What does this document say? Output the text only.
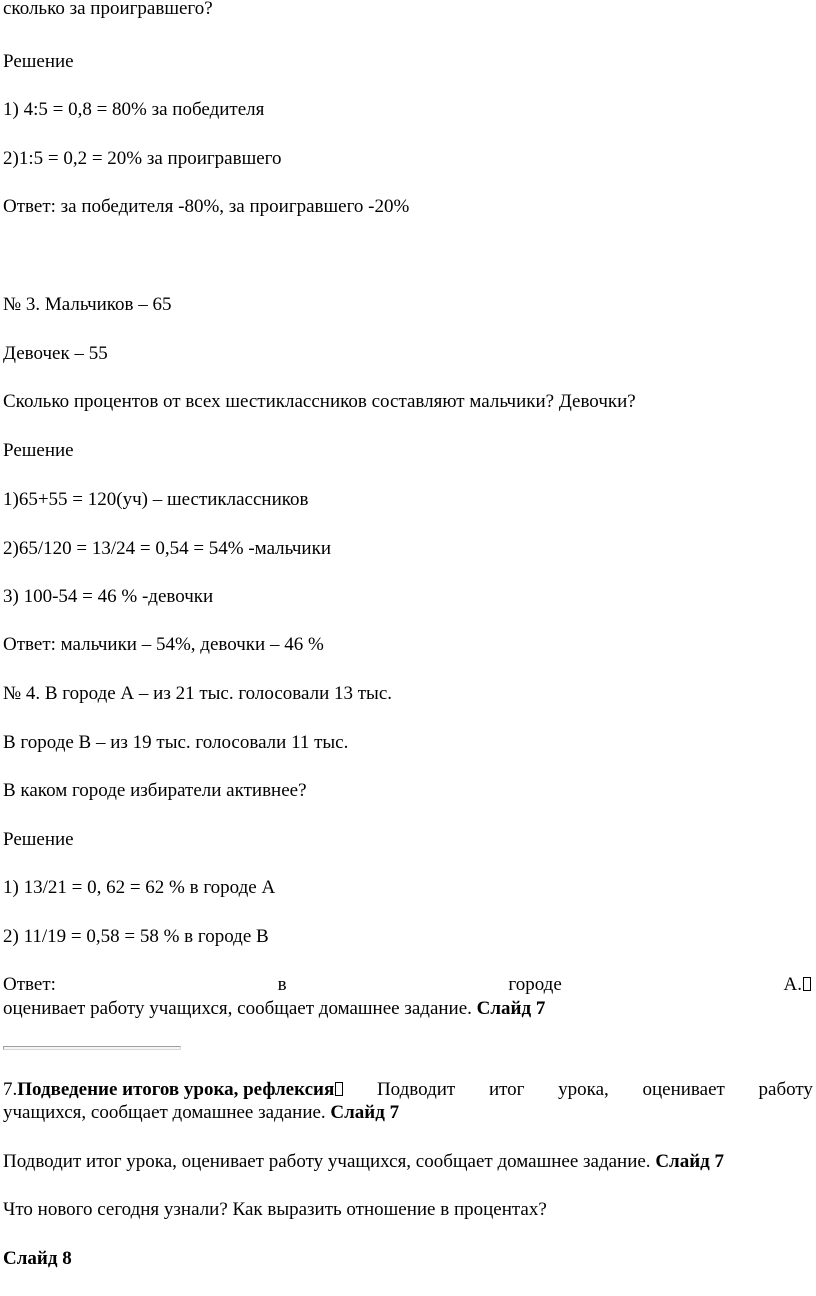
сколько за проигравшего?
Решение
1) 4:5 = 0,8 = 80% за победителя
2)1:5 = 0,2 = 20% за проигравшего
Ответ: за победителя -80%, за проигравшего -20%
№ 3. Мальчиков – 65
Девочек – 55
Сколько процентов от всех шестиклассников составляют мальчики? Девочки?
Решение
1)65+55 = 120(уч) – шестиклассников
2)65/120 = 13/24 = 0,54 = 54% -мальчики
3) 100-54 = 46 % -девочки
Ответ: мальчики – 54%, девочки – 46 %
№ 4. В городе А – из 21 тыс. голосовали 13 тыс.
В городе В – из 19 тыс. голосовали 11 тыс.
В каком городе избиратели активнее?
Решение
1) 13/21 = 0, 62 = 62 % в городе А
2) 11/19 = 0,58 = 58 % в городе В
Ответ:	в	городе	А.
оценивает работу учащихся, сообщает домашнее задание. Слайд 7
7.Подведение итогов урока, рефлексия	Подводит итог урока, оценивает работу
учащихся, сообщает домашнее задание. Слайд 7
Подводит итог урока, оценивает работу учащихся, сообщает домашнее задание. Слайд 7
Что нового сегодня узнали? Как выразить отношение в процентах?
Слайд 8
